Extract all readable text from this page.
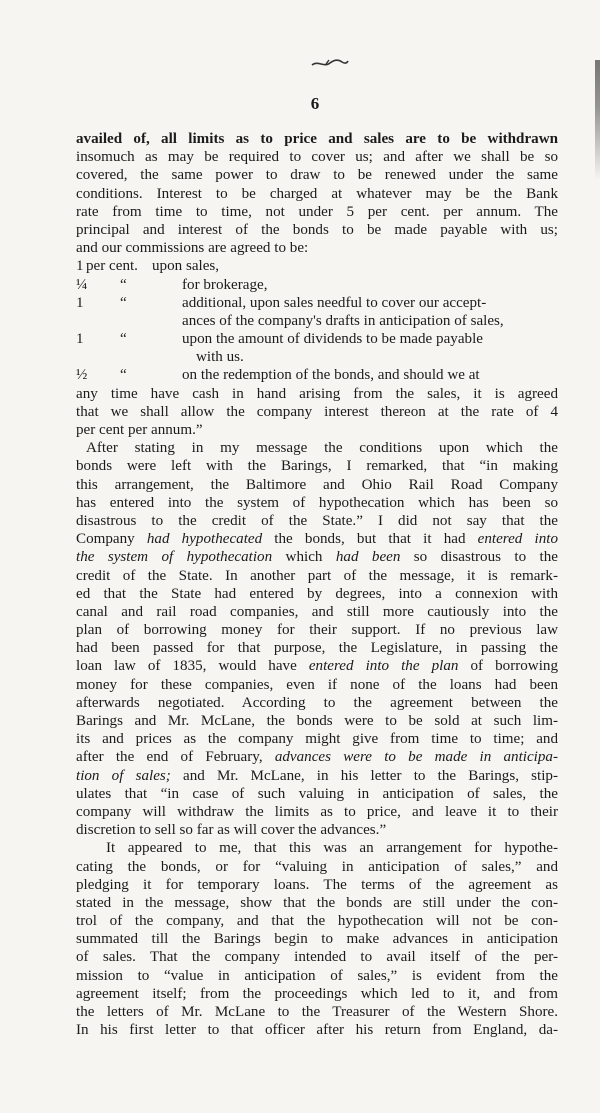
6
availed of, all limits as to price and sales are to be withdrawn
insomuch as may be required to cover us; and after we shall be so
covered, the same power to draw to be renewed under the same
conditions. Interest to be charged at whatever may be the Bank
rate from time to time, not under 5 per cent. per annum. The
principal and interest of the bonds to be made payable with us;
and our commissions are agreed to be:
1 per cent. upon sales,
¼ “	for brokerage,
1 “	additional, upon sales needful to cover our accept-
ances of the company's drafts in anticipation of sales,
1 “	upon the amount of dividends to be made payable
with us.
½ “	on the redemption of the bonds, and should we at
any time have cash in hand arising from the sales, it is agreed
that we shall allow the company interest thereon at the rate of 4
per cent per annum.”
After stating in my message the conditions upon which the
bonds were left with the Barings, I remarked, that “in making
this arrangement, the Baltimore and Ohio Rail Road Company
has entered into the system of hypothecation which has been so
disastrous to the credit of the State.” I did not say that the
Company had hypothecated the bonds, but that it had entered into
the system of hypothecation which had been so disastrous to the
credit of the State. In another part of the message, it is remark-
ed that the State had entered by degrees, into a connexion with
canal and rail road companies, and still more cautiously into the
plan of borrowing money for their support. If no previous law
had been passed for that purpose, the Legislature, in passing the
loan law of 1835, would have entered into the plan of borrowing
money for these companies, even if none of the loans had been
afterwards negotiated. According to the agreement between the
Barings and Mr. McLane, the bonds were to be sold at such lim-
its and prices as the company might give from time to time; and
after the end of February, advances were to be made in anticipa-
tion of sales; and Mr. McLane, in his letter to the Barings, stip-
ulates that “in case of such valuing in anticipation of sales, the
company will withdraw the limits as to price, and leave it to their
discretion to sell so far as will cover the advances.”
It appeared to me, that this was an arrangement for hypothe-
cating the bonds, or for “valuing in anticipation of sales,” and
pledging it for temporary loans. The terms of the agreement as
stated in the message, show that the bonds are still under the con-
trol of the company, and that the hypothecation will not be con-
summated till the Barings begin to make advances in anticipation
of sales. That the company intended to avail itself of the per-
mission to “value in anticipation of sales,” is evident from the
agreement itself; from the proceedings which led to it, and from
the letters of Mr. McLane to the Treasurer of the Western Shore.
In his first letter to that officer after his return from England, da-
